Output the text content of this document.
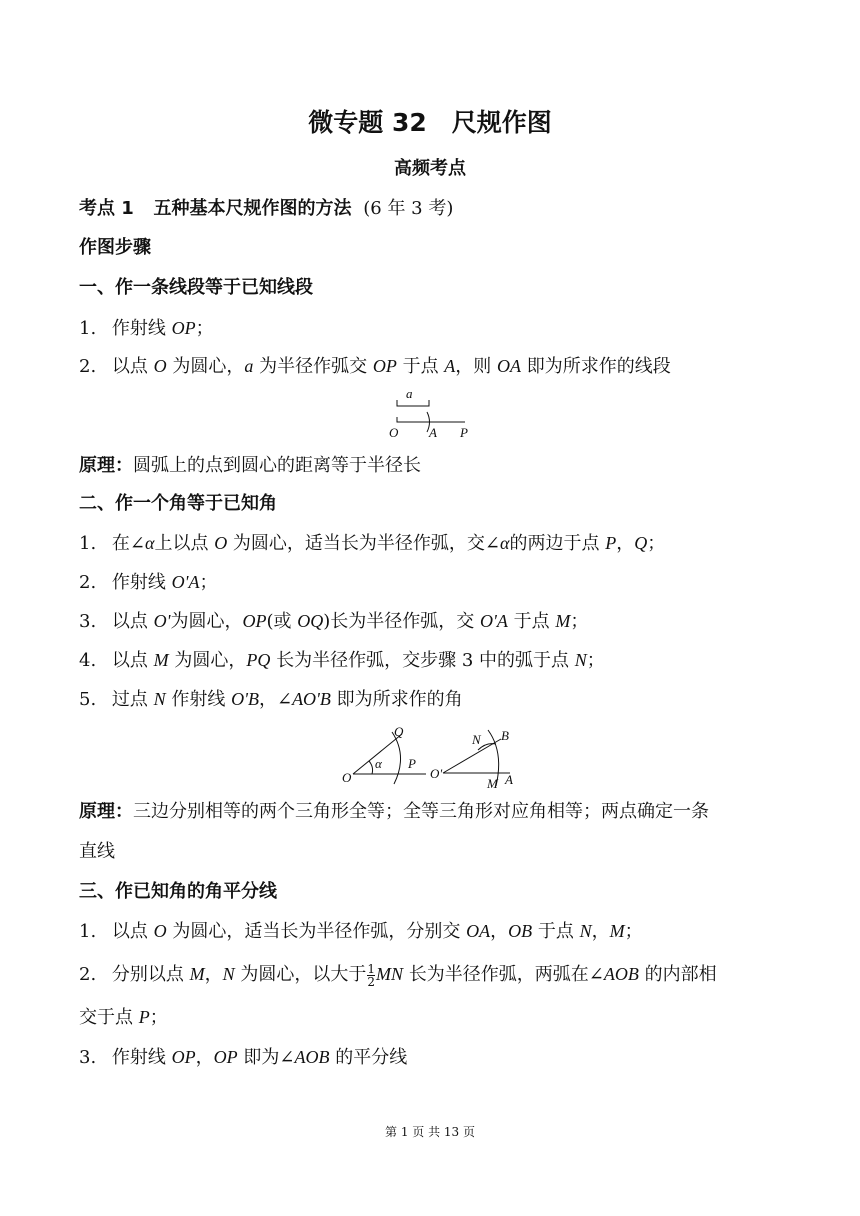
微专题 32　尺规作图
高频考点
考点 1 五种基本尺规作图的方法 (6 年 3 考)
作图步骤
一、作一条线段等于已知线段
1. 作射线 OP；
2. 以点 O 为圆心，a 为半径作弧交 OP 于点 A，则 OA 即为所求作的线段
a
O A P
原理：圆弧上的点到圆心的距离等于半径长
二、作一个角等于已知角
1. 在∠α上以点 O 为圆心，适当长为半径作弧，交∠α的两边于点 P，Q；
2. 作射线 O'A；
3. 以点 O'为圆心，OP(或 OQ)长为半径作弧，交 O'A 于点 M；
4. 以点 M 为圆心，PQ 长为半径作弧，交步骤 3 中的弧于点 N；
5. 过点 N 作射线 O'B，∠AO'B 即为所求作的角
Q
α P
O
N B
O'
M A
原理：三边分别相等的两个三角形全等；全等三角形对应角相等；两点确定一条
直线
三、作已知角的角平分线
1. 以点 O 为圆心，适当长为半径作弧，分别交 OA，OB 于点 N，M；
2. 分别以点 M，N 为圆心，以大于 $\frac{1}{2}$ MN 长为半径作弧，两弧在∠AOB 的内部相
交于点 P；
3. 作射线 OP，OP 即为∠AOB 的平分线
第 1 页 共 13 页
